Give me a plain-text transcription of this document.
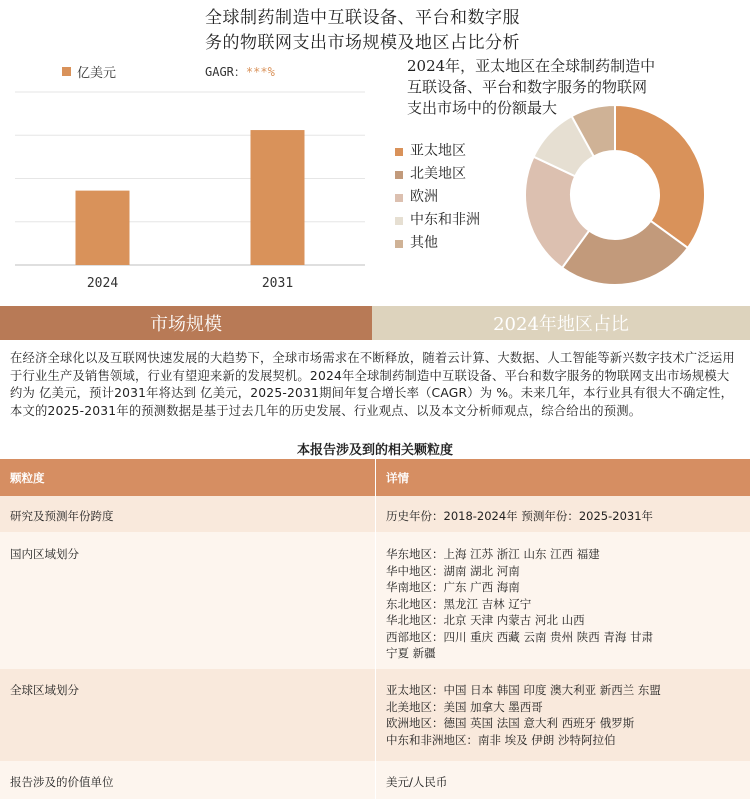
全球制药制造中互联设备、平台和数字服
务的物联网支出市场规模及地区占比分析
亿美元	GAGR：***%
2024	2031
2024年，亚太地区在全球制药制造中
互联设备、平台和数字服务的物联网
支出市场中的份额最大
亚太地区
北美地区
欧洲
中东和非洲
其他
市场规模	2024年地区占比
在经济全球化以及互联网快速发展的大趋势下，全球市场需求在不断释放，随着云计算、大数据、人工智能等新兴数字技术广泛运用于行业生产及销售领域，行业有望迎来新的发展契机。2024年全球制药制造中互联设备、平台和数字服务的物联网支出市场规模大约为 亿美元，预计2031年将达到 亿美元，2025-2031期间年复合增长率（CAGR）为 %。未来几年，本行业具有很大不确定性，本文的2025-2031年的预测数据是基于过去几年的历史发展、行业观点、以及本文分析师观点，综合给出的预测。
本报告涉及到的相关颗粒度
颗粒度	详情
研究及预测年份跨度	历史年份：2018-2024年 预测年份：2025-2031年
国内区域划分	华东地区：上海 江苏 浙江 山东 江西 福建
华中地区：湖南 湖北 河南
华南地区：广东 广西 海南
东北地区：黑龙江 吉林 辽宁
华北地区：北京 天津 内蒙古 河北 山西
西部地区：四川 重庆 西藏 云南 贵州 陕西 青海 甘肃
宁夏 新疆
全球区域划分	亚太地区：中国 日本 韩国 印度 澳大利亚 新西兰 东盟
北美地区：美国 加拿大 墨西哥
欧洲地区：德国 英国 法国 意大利 西班牙 俄罗斯
中东和非洲地区：南非 埃及 伊朗 沙特阿拉伯
报告涉及的价值单位	美元/人民币
